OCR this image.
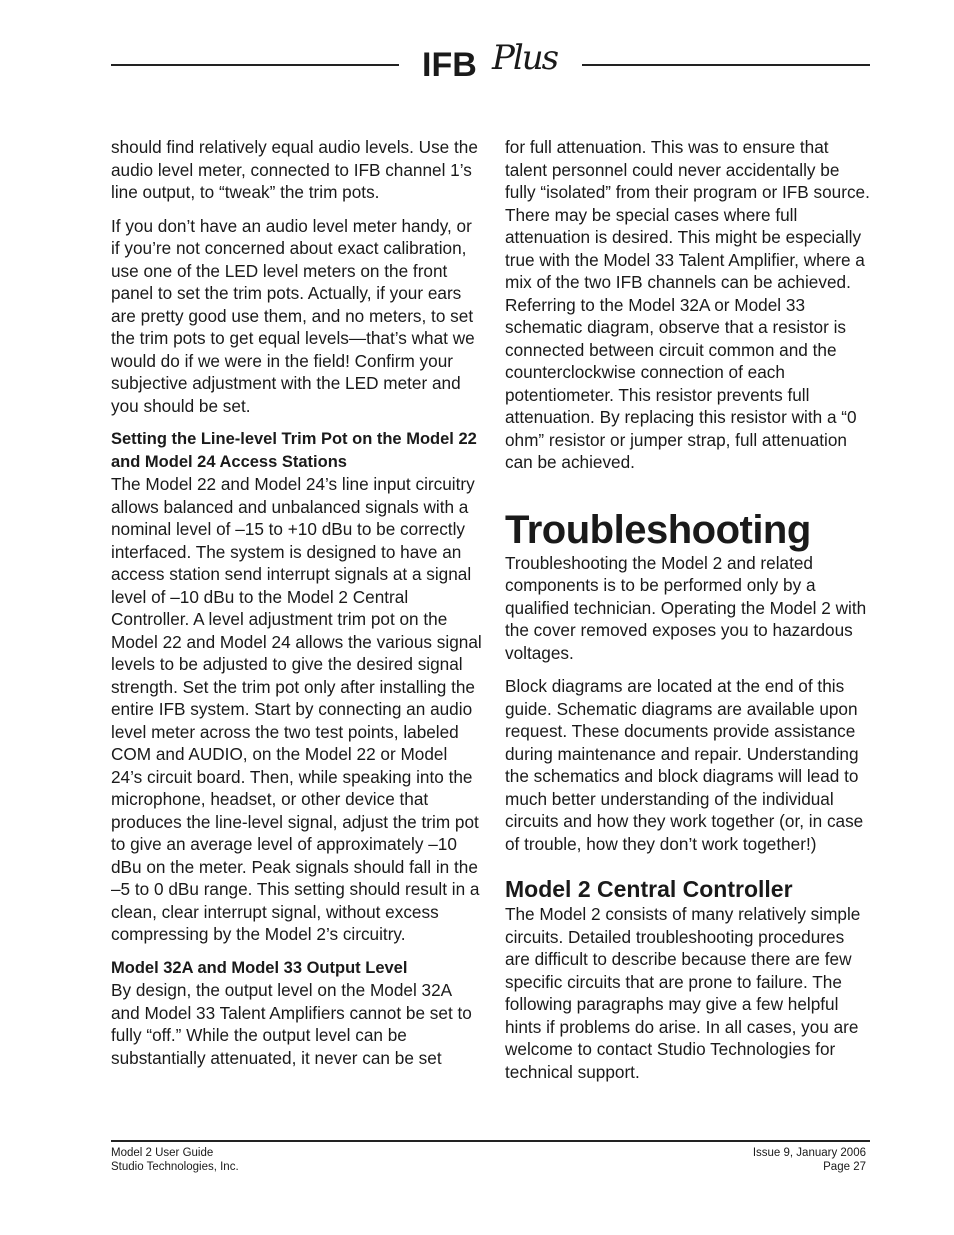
IFB Plus

should find relatively equal audio levels. Use the audio level meter, connected to IFB channel 1’s line output, to “tweak” the trim pots.

If you don’t have an audio level meter handy, or if you’re not concerned about exact calibration, use one of the LED level meters on the front panel to set the trim pots. Actually, if your ears are pretty good use them, and no meters, to set the trim pots to get equal levels—that’s what we would do if we were in the field! Confirm your subjective adjustment with the LED meter and you should be set.

Setting the Line-level Trim Pot on the Model 22 and Model 24 Access Stations

The Model 22 and Model 24’s line input circuitry allows balanced and unbalanced signals with a nominal level of –15 to +10 dBu to be correctly interfaced. The system is designed to have an access station send interrupt signals at a signal level of –10 dBu to the Model 2 Central Controller. A level adjustment trim pot on the Model 22 and Model 24 allows the various signal levels to be adjusted to give the desired signal strength. Set the trim pot only after installing the entire IFB system. Start by connecting an audio level meter across the two test points, labeled COM and AUDIO, on the Model 22 or Model 24’s circuit board. Then, while speaking into the microphone, headset, or other device that produces the line-level signal, adjust the trim pot to give an average level of approximately –10 dBu on the meter. Peak signals should fall in the –5 to 0 dBu range. This setting should result in a clean, clear interrupt signal, without excess compressing by the Model 2’s circuitry.

Model 32A and Model 33 Output Level

By design, the output level on the Model 32A and Model 33 Talent Amplifiers cannot be set to fully “off.” While the output level can be substantially attenuated, it never can be set

for full attenuation. This was to ensure that talent personnel could never accidentally be fully “isolated” from their program or IFB source. There may be special cases where full attenuation is desired. This might be especially true with the Model 33 Talent Amplifier, where a mix of the two IFB channels can be achieved. Referring to the Model 32A or Model 33 schematic diagram, observe that a resistor is connected between circuit common and the counterclockwise connection of each potentiometer. This resistor prevents full attenuation. By replacing this resistor with a “0 ohm” resistor or jumper strap, full attenuation can be achieved.

Troubleshooting

Troubleshooting the Model 2 and related components is to be performed only by a qualified technician. Operating the Model 2 with the cover removed exposes you to hazardous voltages.

Block diagrams are located at the end of this guide. Schematic diagrams are available upon request. These documents provide assistance during maintenance and repair. Understanding the schematics and block diagrams will lead to much better understanding of the individual circuits and how they work together (or, in case of trouble, how they don’t work together!)

Model 2 Central Controller

The Model 2 consists of many relatively simple circuits. Detailed troubleshooting procedures are difficult to describe because there are few specific circuits that are prone to failure. The following paragraphs may give a few helpful hints if problems do arise. In all cases, you are welcome to contact Studio Technologies for technical support.

Model 2 User Guide
Studio Technologies, Inc.
Issue 9, January 2006
Page 27
